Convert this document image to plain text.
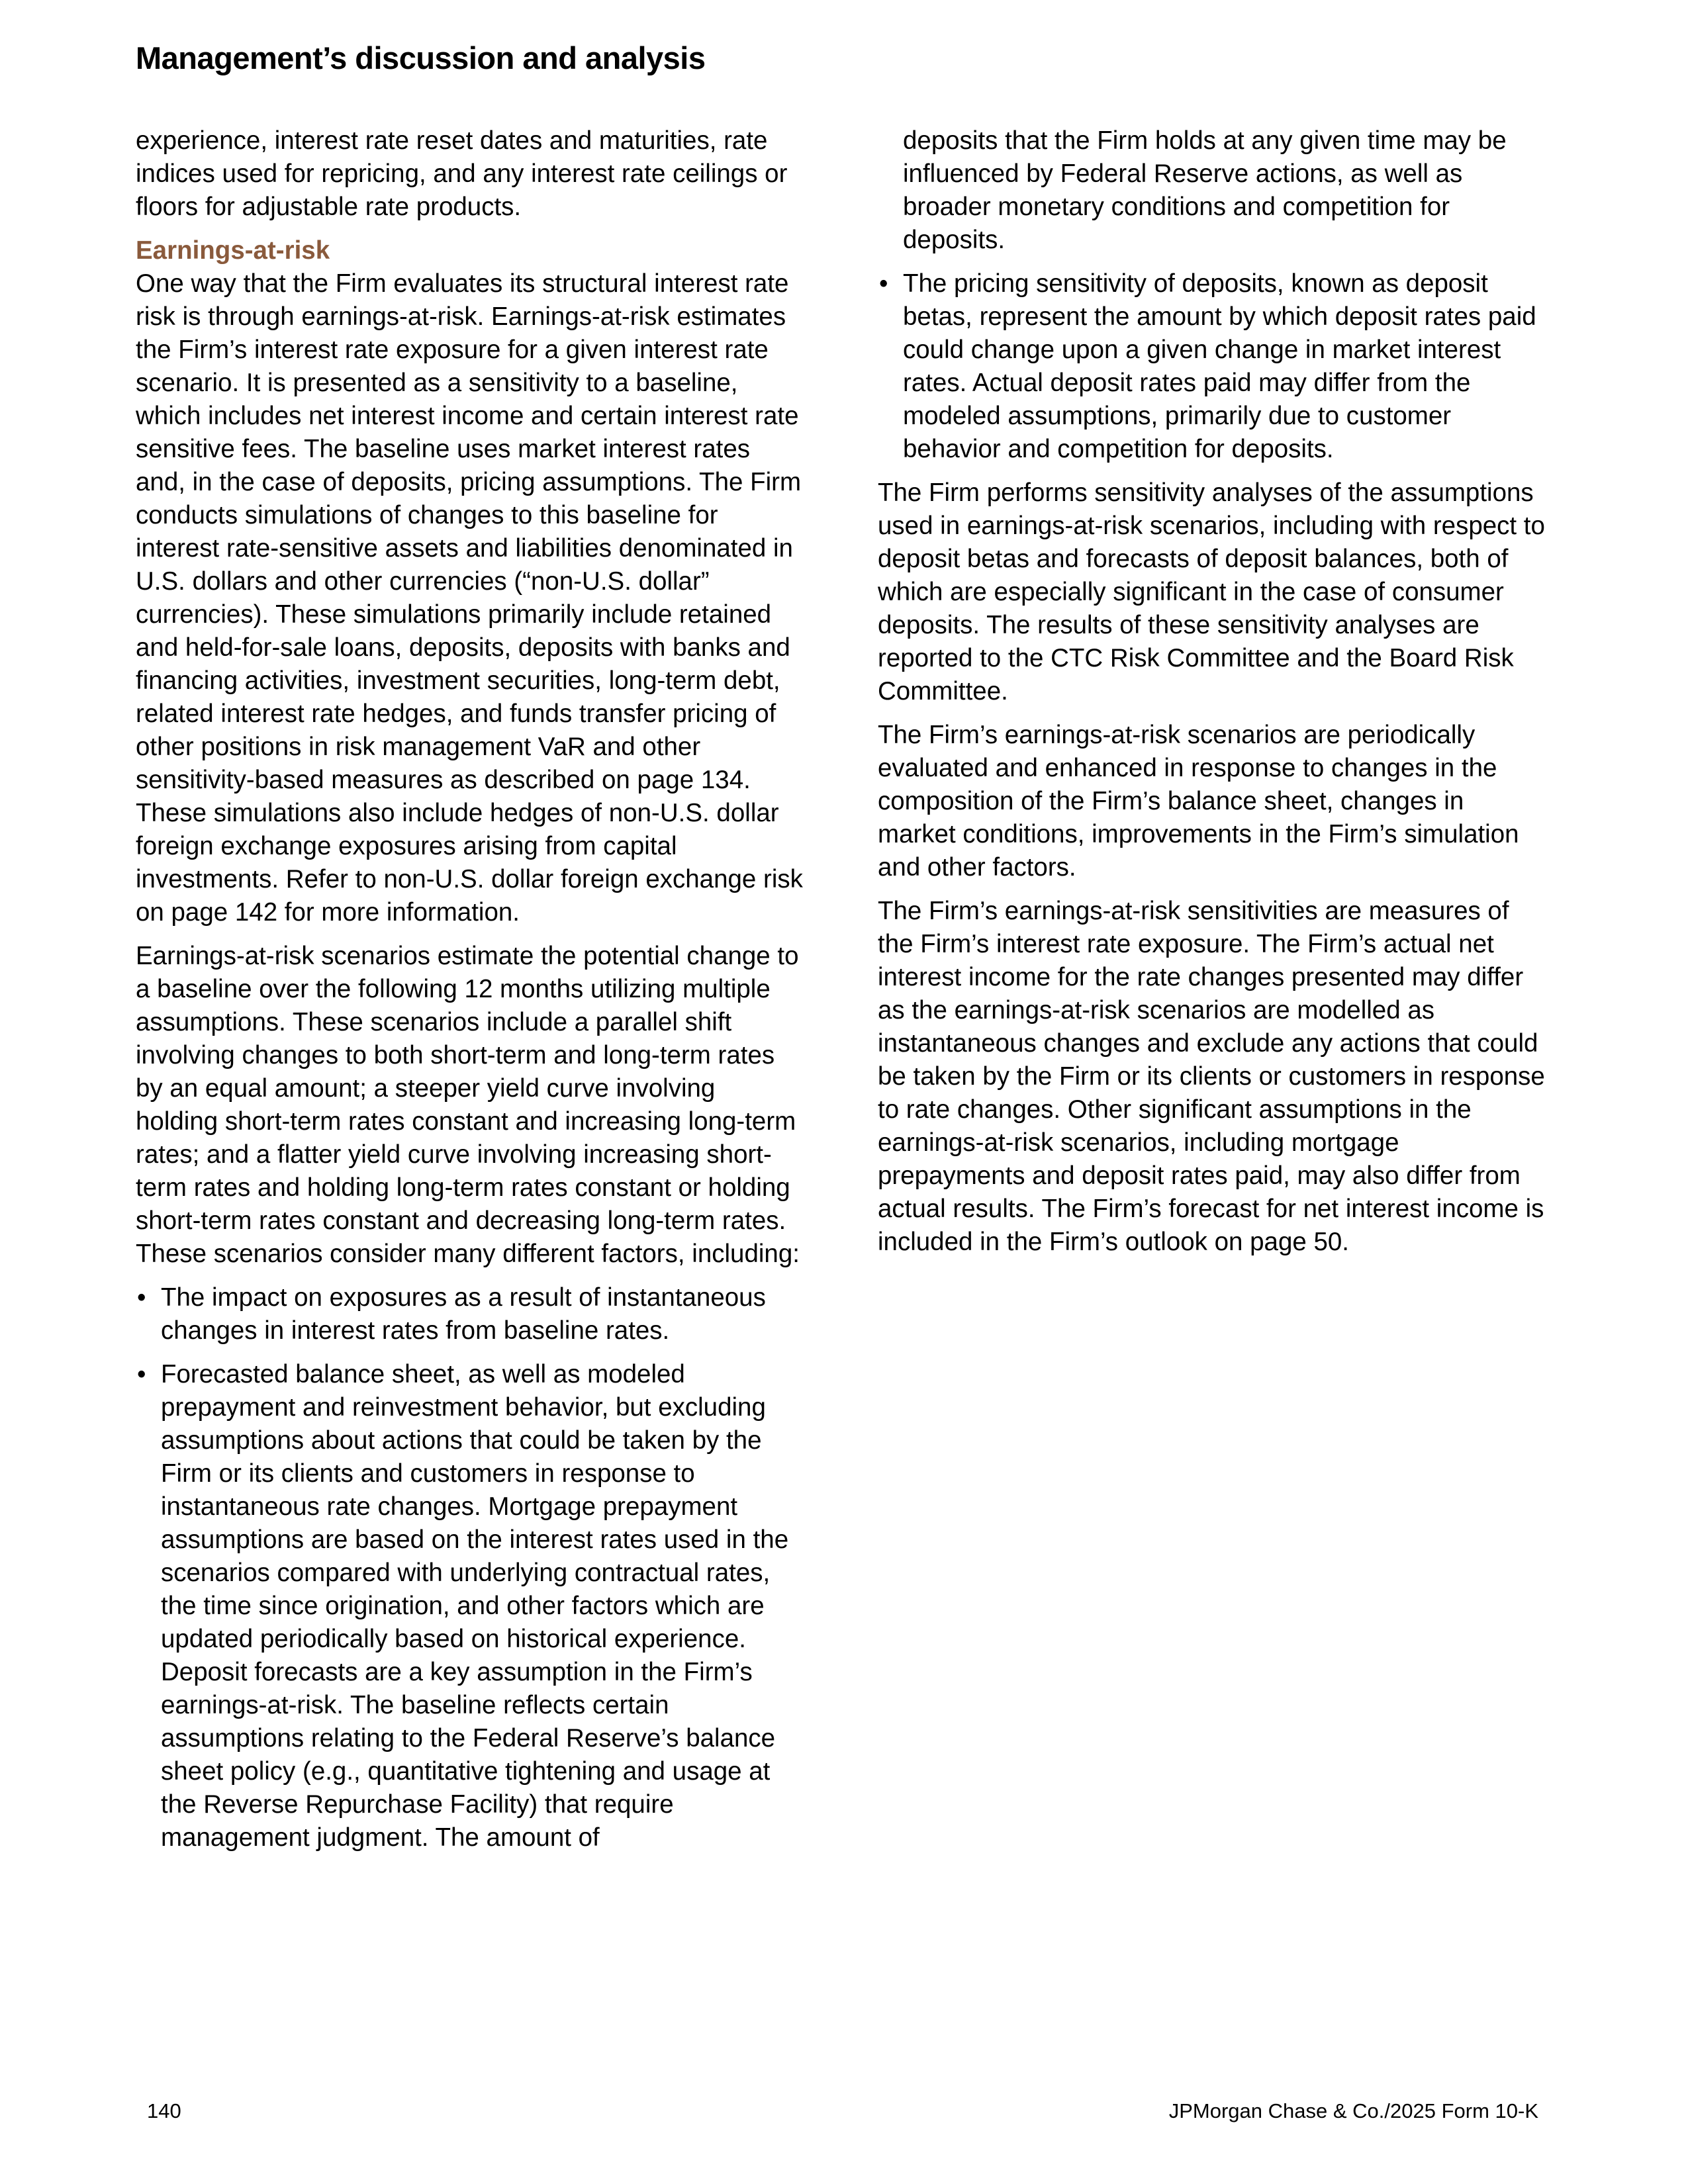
Management’s discussion and analysis

experience, interest rate reset dates and maturities, rate indices used for repricing, and any interest rate ceilings or floors for adjustable rate products.

Earnings-at-risk

One way that the Firm evaluates its structural interest rate risk is through earnings-at-risk. Earnings-at-risk estimates the Firm’s interest rate exposure for a given interest rate scenario. It is presented as a sensitivity to a baseline, which includes net interest income and certain interest rate sensitive fees. The baseline uses market interest rates and, in the case of deposits, pricing assumptions. The Firm conducts simulations of changes to this baseline for interest rate-sensitive assets and liabilities denominated in U.S. dollars and other currencies (“non-U.S. dollar” currencies). These simulations primarily include retained and held-for-sale loans, deposits, deposits with banks and financing activities, investment securities, long-term debt, related interest rate hedges, and funds transfer pricing of other positions in risk management VaR and other sensitivity-based measures as described on page 134. These simulations also include hedges of non-U.S. dollar foreign exchange exposures arising from capital investments. Refer to non-U.S. dollar foreign exchange risk on page 142 for more information.

Earnings-at-risk scenarios estimate the potential change to a baseline over the following 12 months utilizing multiple assumptions. These scenarios include a parallel shift involving changes to both short-term and long-term rates by an equal amount; a steeper yield curve involving holding short-term rates constant and increasing long-term rates; and a flatter yield curve involving increasing short-term rates and holding long-term rates constant or holding short-term rates constant and decreasing long-term rates. These scenarios consider many different factors, including:

• The impact on exposures as a result of instantaneous changes in interest rates from baseline rates.
• Forecasted balance sheet, as well as modeled prepayment and reinvestment behavior, but excluding assumptions about actions that could be taken by the Firm or its clients and customers in response to instantaneous rate changes. Mortgage prepayment assumptions are based on the interest rates used in the scenarios compared with underlying contractual rates, the time since origination, and other factors which are updated periodically based on historical experience. Deposit forecasts are a key assumption in the Firm’s earnings-at-risk. The baseline reflects certain assumptions relating to the Federal Reserve’s balance sheet policy (e.g., quantitative tightening and usage at the Reverse Repurchase Facility) that require management judgment. The amount of

deposits that the Firm holds at any given time may be influenced by Federal Reserve actions, as well as broader monetary conditions and competition for deposits.

• The pricing sensitivity of deposits, known as deposit betas, represent the amount by which deposit rates paid could change upon a given change in market interest rates. Actual deposit rates paid may differ from the modeled assumptions, primarily due to customer behavior and competition for deposits.

The Firm performs sensitivity analyses of the assumptions used in earnings-at-risk scenarios, including with respect to deposit betas and forecasts of deposit balances, both of which are especially significant in the case of consumer deposits. The results of these sensitivity analyses are reported to the CTC Risk Committee and the Board Risk Committee.

The Firm’s earnings-at-risk scenarios are periodically evaluated and enhanced in response to changes in the composition of the Firm’s balance sheet, changes in market conditions, improvements in the Firm’s simulation and other factors.

The Firm’s earnings-at-risk sensitivities are measures of the Firm’s interest rate exposure. The Firm’s actual net interest income for the rate changes presented may differ as the earnings-at-risk scenarios are modelled as instantaneous changes and exclude any actions that could be taken by the Firm or its clients or customers in response to rate changes. Other significant assumptions in the earnings-at-risk scenarios, including mortgage prepayments and deposit rates paid, may also differ from actual results. The Firm’s forecast for net interest income is included in the Firm’s outlook on page 50.

140	JPMorgan Chase & Co./2025 Form 10-K
